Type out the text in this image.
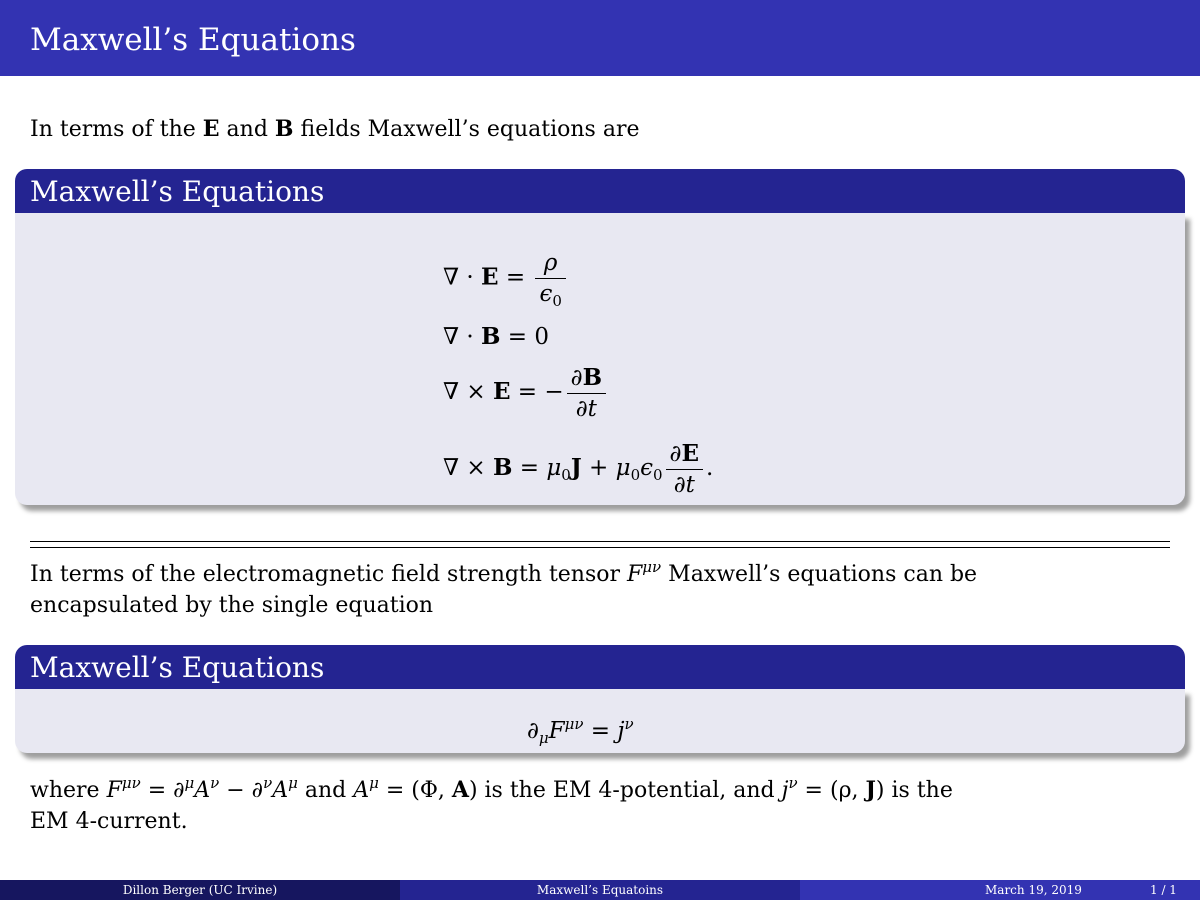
Maxwell’s Equations
In terms of the E and B fields Maxwell’s equations are
Maxwell’s Equations
∇ · $E = \frac{\rho}{\epsilon_0}$
∇ · B = 0
∇ × E = − $\frac{\partial B}{\partial t}$
∇ × $B = \mu_0J + \mu_0\epsilon_0 \frac{\partial E}{\partial t}$ .
In terms of the electromagnetic field strength tensor $F^{\mu\nu}$ Maxwell’s equations can be
encapsulated by the single equation
Maxwell’s Equations
$\partial_\mu F^{\mu\nu} = j^\nu$
where $F^{\mu\nu} = \partial^\mu A^\nu - \partial^\nu A^\mu$ and $A^\mu = (\Phi$, A) is the EM 4-potential, and $j^\nu = (\rho$, J) is the
EM 4-current.
Dillon Berger (UC Irvine)	Maxwell’s Equatoins	March 19, 2019	1 / 1
